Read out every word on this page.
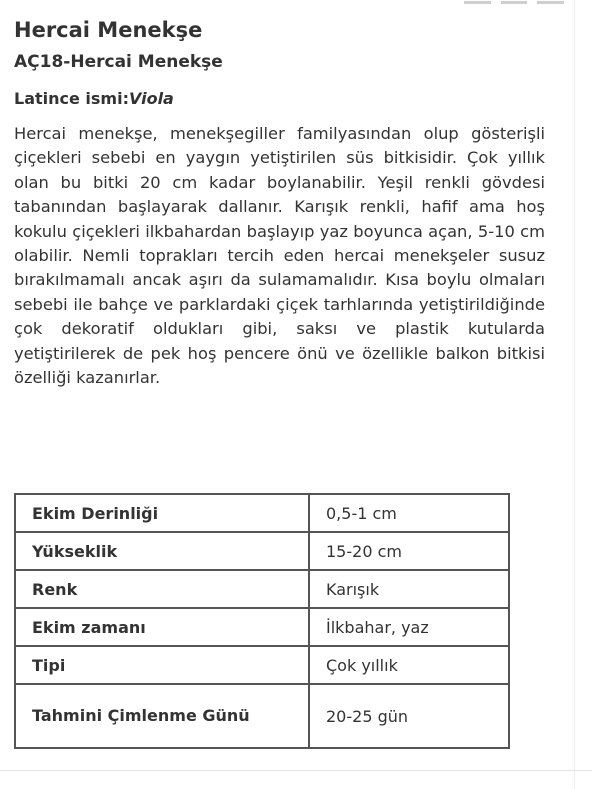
Hercai Menekşe
AÇ18-Hercai Menekşe
Latince ismi:Viola
Hercai menekşe, menekşegiller familyasından olup gösterişli çiçekleri sebebi en yaygın yetiştirilen süs bitkisidir. Çok yıllık olan bu bitki 20 cm kadar boylanabilir. Yeşil renkli gövdesi tabanından başlayarak dallanır. Karışık renkli, hafif ama hoş kokulu çiçekleri ilkbahardan başlayıp yaz boyunca açan, 5-10 cm olabilir. Nemli toprakları tercih eden hercai menekşeler susuz bırakılmamalı ancak aşırı da sulamamalıdır. Kısa boylu olmaları sebebi ile bahçe ve parklardaki çiçek tarhlarında yetiştirildiğinde çok dekoratif oldukları gibi, saksı ve plastik kutularda yetiştirilerek de pek hoş pencere önü ve özellikle balkon bitkisi özelliği kazanırlar.
Ekim Derinliği	0,5-1 cm
Yükseklik	15-20 cm
Renk	Karışık
Ekim zamanı	İlkbahar, yaz
Tipi	Çok yıllık
Tahmini Çimlenme Günü	20-25 gün
